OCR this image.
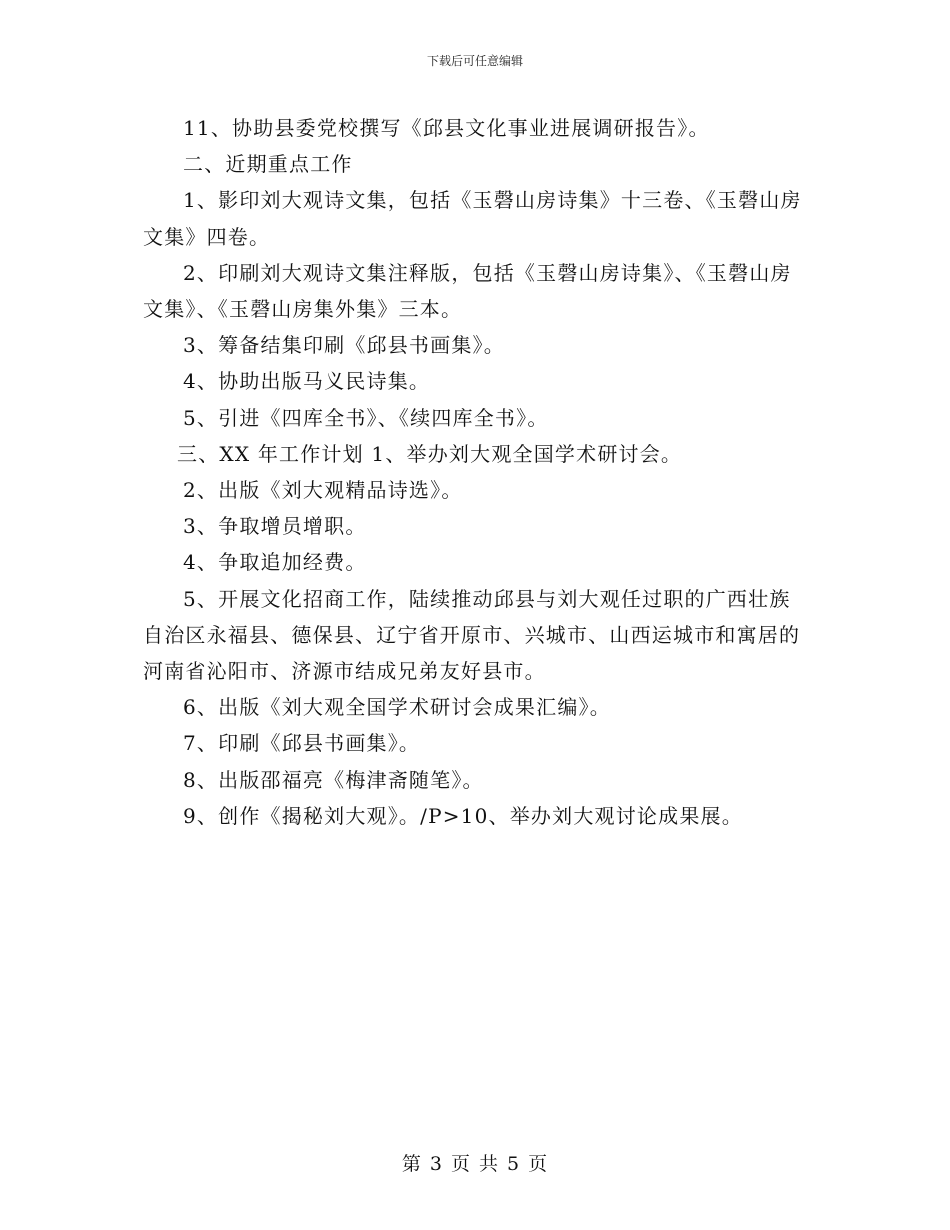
下载后可任意编辑

11、协助县委党校撰写《邱县文化事业进展调研报告》。

二、近期重点工作

1、影印刘大观诗文集，包括《玉磬山房诗集》十三卷、《玉磬山房文集》四卷。

2、印刷刘大观诗文集注释版，包括《玉磬山房诗集》、《玉磬山房文集》、《玉磬山房集外集》三本。

3、筹备结集印刷《邱县书画集》。

4、协助出版马义民诗集。

5、引进《四库全书》、《续四库全书》。

三、XX 年工作计划 1、举办刘大观全国学术研讨会。

2、出版《刘大观精品诗选》。

3、争取增员增职。

4、争取追加经费。

5、开展文化招商工作，陆续推动邱县与刘大观任过职的广西壮族自治区永福县、德保县、辽宁省开原市、兴城市、山西运城市和寓居的河南省沁阳市、济源市结成兄弟友好县市。

6、出版《刘大观全国学术研讨会成果汇编》。

7、印刷《邱县书画集》。

8、出版邵福亮《梅津斋随笔》。

9、创作《揭秘刘大观》。/P>10、举办刘大观讨论成果展。

第 3 页 共 5 页
